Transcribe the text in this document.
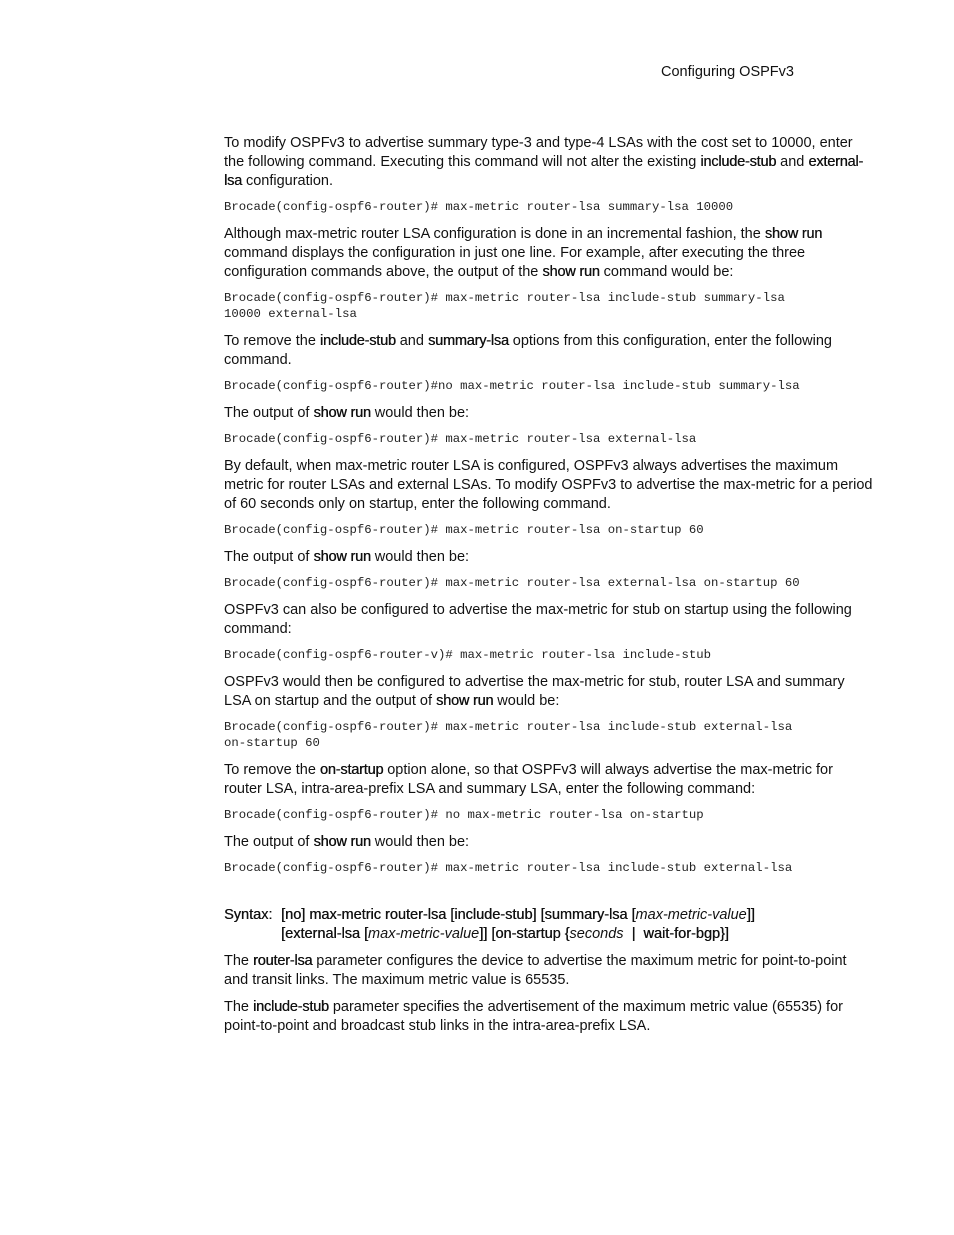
Configuring OSPFv3

To modify OSPFv3 to advertise summary type-3 and type-4 LSAs with the cost set to 10000, enter the following command. Executing this command will not alter the existing include-stub and external-lsa configuration.

Brocade(config-ospf6-router)# max-metric router-lsa summary-lsa 10000

Although max-metric router LSA configuration is done in an incremental fashion, the show run command displays the configuration in just one line. For example, after executing the three configuration commands above, the output of the show run command would be:

Brocade(config-ospf6-router)# max-metric router-lsa include-stub summary-lsa
10000 external-lsa

To remove the include-stub and summary-lsa options from this configuration, enter the following command.

Brocade(config-ospf6-router)#no max-metric router-lsa include-stub summary-lsa

The output of show run would then be:

Brocade(config-ospf6-router)# max-metric router-lsa external-lsa

By default, when max-metric router LSA is configured, OSPFv3 always advertises the maximum metric for router LSAs and external LSAs. To modify OSPFv3 to advertise the max-metric for a period of 60 seconds only on startup, enter the following command.

Brocade(config-ospf6-router)# max-metric router-lsa on-startup 60

The output of show run would then be:

Brocade(config-ospf6-router)# max-metric router-lsa external-lsa on-startup 60

OSPFv3 can also be configured to advertise the max-metric for stub on startup using the following command:

Brocade(config-ospf6-router-v)# max-metric router-lsa include-stub

OSPFv3 would then be configured to advertise the max-metric for stub, router LSA and summary LSA on startup and the output of show run would be:

Brocade(config-ospf6-router)# max-metric router-lsa include-stub external-lsa
on-startup 60

To remove the on-startup option alone, so that OSPFv3 will always advertise the max-metric for router LSA, intra-area-prefix LSA and summary LSA, enter the following command:

Brocade(config-ospf6-router)# no max-metric router-lsa on-startup

The output of show run would then be:

Brocade(config-ospf6-router)# max-metric router-lsa include-stub external-lsa
Syntax: [no] max-metric router-lsa [include-stub] [summary-lsa [max-metric-value]]
[external-lsa [max-metric-value]] [on-startup {seconds  |  wait-for-bgp}]

The router-lsa parameter configures the device to advertise the maximum metric for point-to-point and transit links. The maximum metric value is 65535.

The include-stub parameter specifies the advertisement of the maximum metric value (65535) for point-to-point and broadcast stub links in the intra-area-prefix LSA.
